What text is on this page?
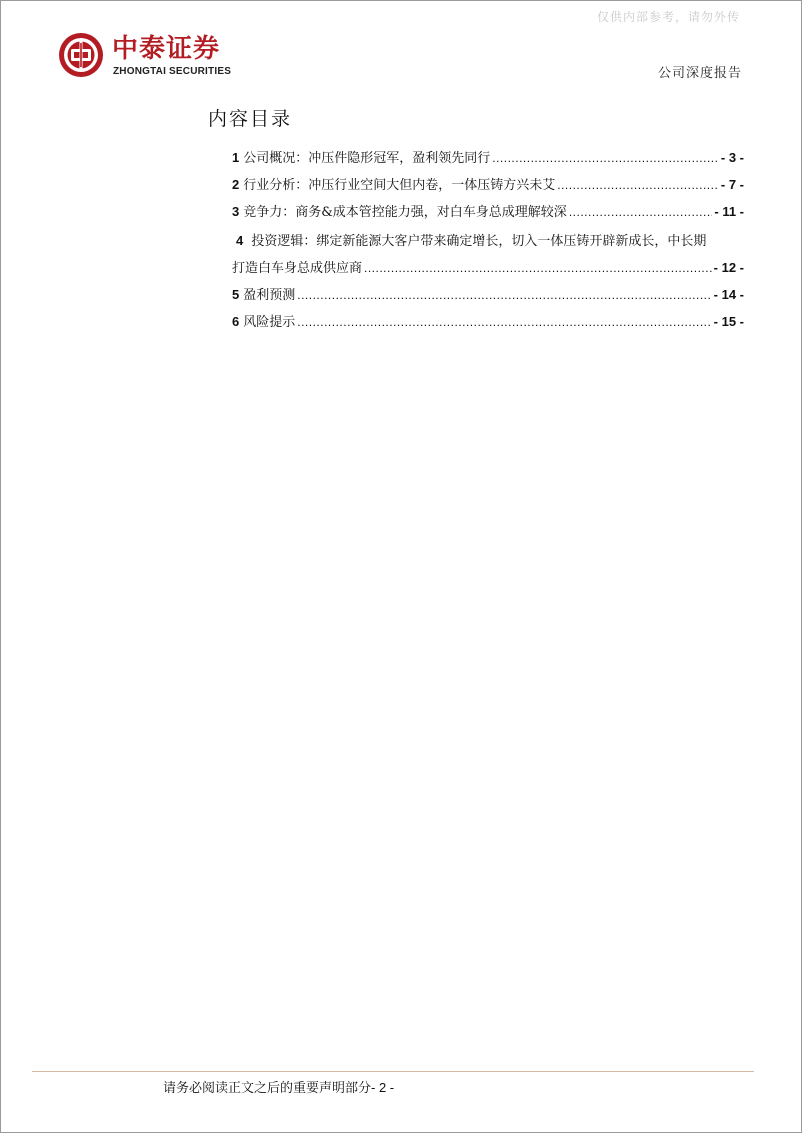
仅供内部参考，请勿外传
中泰证券
ZHONGTAI SECURITIES	公司深度报告
内容目录
1 公司概况：冲压件隐形冠军，盈利领先同行 .....	- 3 -
2 行业分析：冲压行业空间大但内卷，一体压铸方兴未艾 .....	- 7 -
3 竞争力：商务&成本管控能力强，对白车身总成理解较深 .....	- 11 -
4 投资逻辑：绑定新能源大客户带来确定增长，切入一体压铸开辟新成长，中长期
打造白车身总成供应商 .....	- 12 -
5 盈利预测 .....	- 14 -
6 风险提示 .....	- 15 -
请务必阅读正文之后的重要声明部分- 2 -
